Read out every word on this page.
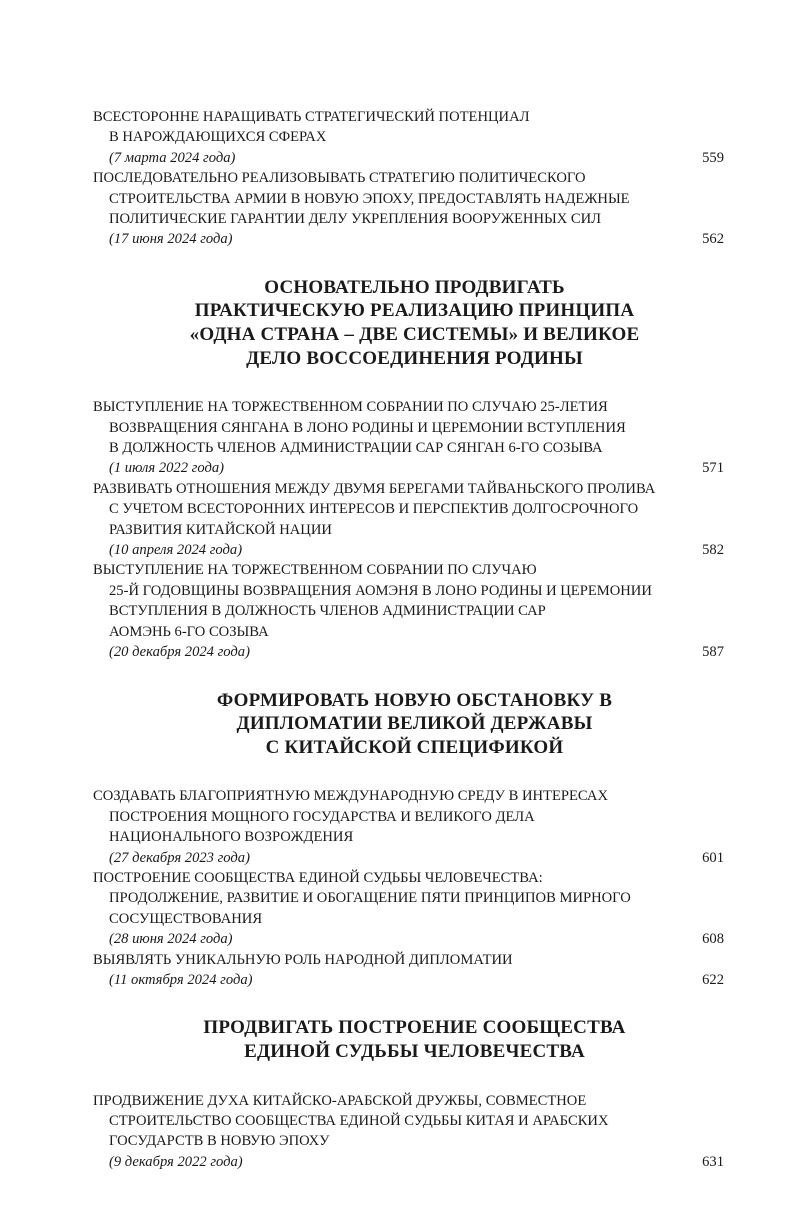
ВСЕСТОРОННЕ НАРАЩИВАТЬ СТРАТЕГИЧЕСКИЙ ПОТЕНЦИАЛ
В НАРОЖДАЮЩИХСЯ СФЕРАХ
(7 марта 2024 года)	559
ПОСЛЕДОВАТЕЛЬНО РЕАЛИЗОВЫВАТЬ СТРАТЕГИЮ ПОЛИТИЧЕСКОГО
СТРОИТЕЛЬСТВА АРМИИ В НОВУЮ ЭПОХУ, ПРЕДОСТАВЛЯТЬ НАДЕЖНЫЕ
ПОЛИТИЧЕСКИЕ ГАРАНТИИ ДЕЛУ УКРЕПЛЕНИЯ ВООРУЖЕННЫХ СИЛ
(17 июня 2024 года)	562
ОСНОВАТЕЛЬНО ПРОДВИГАТЬ
ПРАКТИЧЕСКУЮ РЕАЛИЗАЦИЮ ПРИНЦИПА
«ОДНА СТРАНА – ДВЕ СИСТЕМЫ» И ВЕЛИКОЕ
ДЕЛО ВОССОЕДИНЕНИЯ РОДИНЫ
ВЫСТУПЛЕНИЕ НА ТОРЖЕСТВЕННОМ СОБРАНИИ ПО СЛУЧАЮ 25-ЛЕТИЯ
ВОЗВРАЩЕНИЯ СЯНГАНА В ЛОНО РОДИНЫ И ЦЕРЕМОНИИ ВСТУПЛЕНИЯ
В ДОЛЖНОСТЬ ЧЛЕНОВ АДМИНИСТРАЦИИ САР СЯНГАН 6-ГО СОЗЫВА
(1 июля 2022 года)	571
РАЗВИВАТЬ ОТНОШЕНИЯ МЕЖДУ ДВУМЯ БЕРЕГАМИ ТАЙВАНЬСКОГО ПРОЛИВА
С УЧЕТОМ ВСЕСТОРОННИХ ИНТЕРЕСОВ И ПЕРСПЕКТИВ ДОЛГОСРОЧНОГО
РАЗВИТИЯ КИТАЙСКОЙ НАЦИИ
(10 апреля 2024 года)	582
ВЫСТУПЛЕНИЕ НА ТОРЖЕСТВЕННОМ СОБРАНИИ ПО СЛУЧАЮ
25-Й ГОДОВЩИНЫ ВОЗВРАЩЕНИЯ АОМЭНЯ В ЛОНО РОДИНЫ И ЦЕРЕМОНИИ
ВСТУПЛЕНИЯ В ДОЛЖНОСТЬ ЧЛЕНОВ АДМИНИСТРАЦИИ САР
АОМЭНЬ 6-ГО СОЗЫВА
(20 декабря 2024 года)	587
ФОРМИРОВАТЬ НОВУЮ ОБСТАНОВКУ В
ДИПЛОМАТИИ ВЕЛИКОЙ ДЕРЖАВЫ
С КИТАЙСКОЙ СПЕЦИФИКОЙ
СОЗДАВАТЬ БЛАГОПРИЯТНУЮ МЕЖДУНАРОДНУЮ СРЕДУ В ИНТЕРЕСАХ
ПОСТРОЕНИЯ МОЩНОГО ГОСУДАРСТВА И ВЕЛИКОГО ДЕЛА
НАЦИОНАЛЬНОГО ВОЗРОЖДЕНИЯ
(27 декабря 2023 года)	601
ПОСТРОЕНИЕ СООБЩЕСТВА ЕДИНОЙ СУДЬБЫ ЧЕЛОВЕЧЕСТВА:
ПРОДОЛЖЕНИЕ, РАЗВИТИЕ И ОБОГАЩЕНИЕ ПЯТИ ПРИНЦИПОВ МИРНОГО
СОСУЩЕСТВОВАНИЯ
(28 июня 2024 года)	608
ВЫЯВЛЯТЬ УНИКАЛЬНУЮ РОЛЬ НАРОДНОЙ ДИПЛОМАТИИ
(11 октября 2024 года)	622
ПРОДВИГАТЬ ПОСТРОЕНИЕ СООБЩЕСТВА
ЕДИНОЙ СУДЬБЫ ЧЕЛОВЕЧЕСТВА
ПРОДВИЖЕНИЕ ДУХА КИТАЙСКО-АРАБСКОЙ ДРУЖБЫ, СОВМЕСТНОЕ
СТРОИТЕЛЬСТВО СООБЩЕСТВА ЕДИНОЙ СУДЬБЫ КИТАЯ И АРАБСКИХ
ГОСУДАРСТВ В НОВУЮ ЭПОХУ
(9 декабря 2022 года)	631
